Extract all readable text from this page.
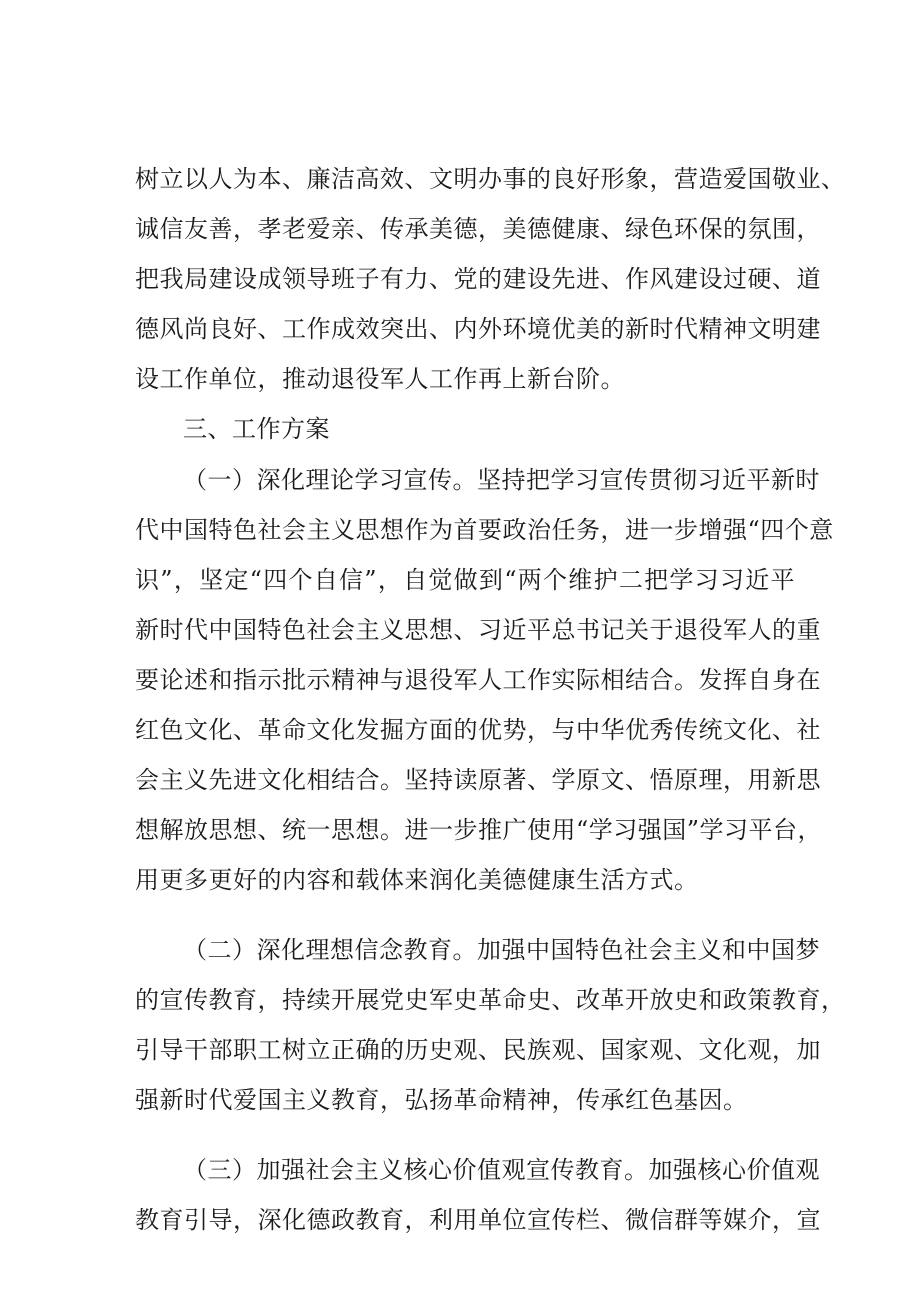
树立以人为本、廉洁高效、文明办事的良好形象，营造爱国敬业、
诚信友善，孝老爱亲、传承美德，美德健康、绿色环保的氛围，
把我局建设成领导班子有力、党的建设先进、作风建设过硬、道
德风尚良好、工作成效突出、内外环境优美的新时代精神文明建
设工作单位，推动退役军人工作再上新台阶。
三、工作方案
（一）深化理论学习宣传。坚持把学习宣传贯彻习近平新时
代中国特色社会主义思想作为首要政治任务，进一步增强“四个意
识”，坚定“四个自信”，自觉做到“两个维护二把学习习近平
新时代中国特色社会主义思想、习近平总书记关于退役军人的重
要论述和指示批示精神与退役军人工作实际相结合。发挥自身在
红色文化、革命文化发掘方面的优势，与中华优秀传统文化、社
会主义先进文化相结合。坚持读原著、学原文、悟原理，用新思
想解放思想、统一思想。进一步推广使用“学习强国”学习平台，
用更多更好的内容和载体来润化美德健康生活方式。
（二）深化理想信念教育。加强中国特色社会主义和中国梦
的宣传教育，持续开展党史军史革命史、改革开放史和政策教育，
引导干部职工树立正确的历史观、民族观、国家观、文化观，加
强新时代爱国主义教育，弘扬革命精神，传承红色基因。
（三）加强社会主义核心价值观宣传教育。加强核心价值观
教育引导，深化德政教育，利用单位宣传栏、微信群等媒介，宣
